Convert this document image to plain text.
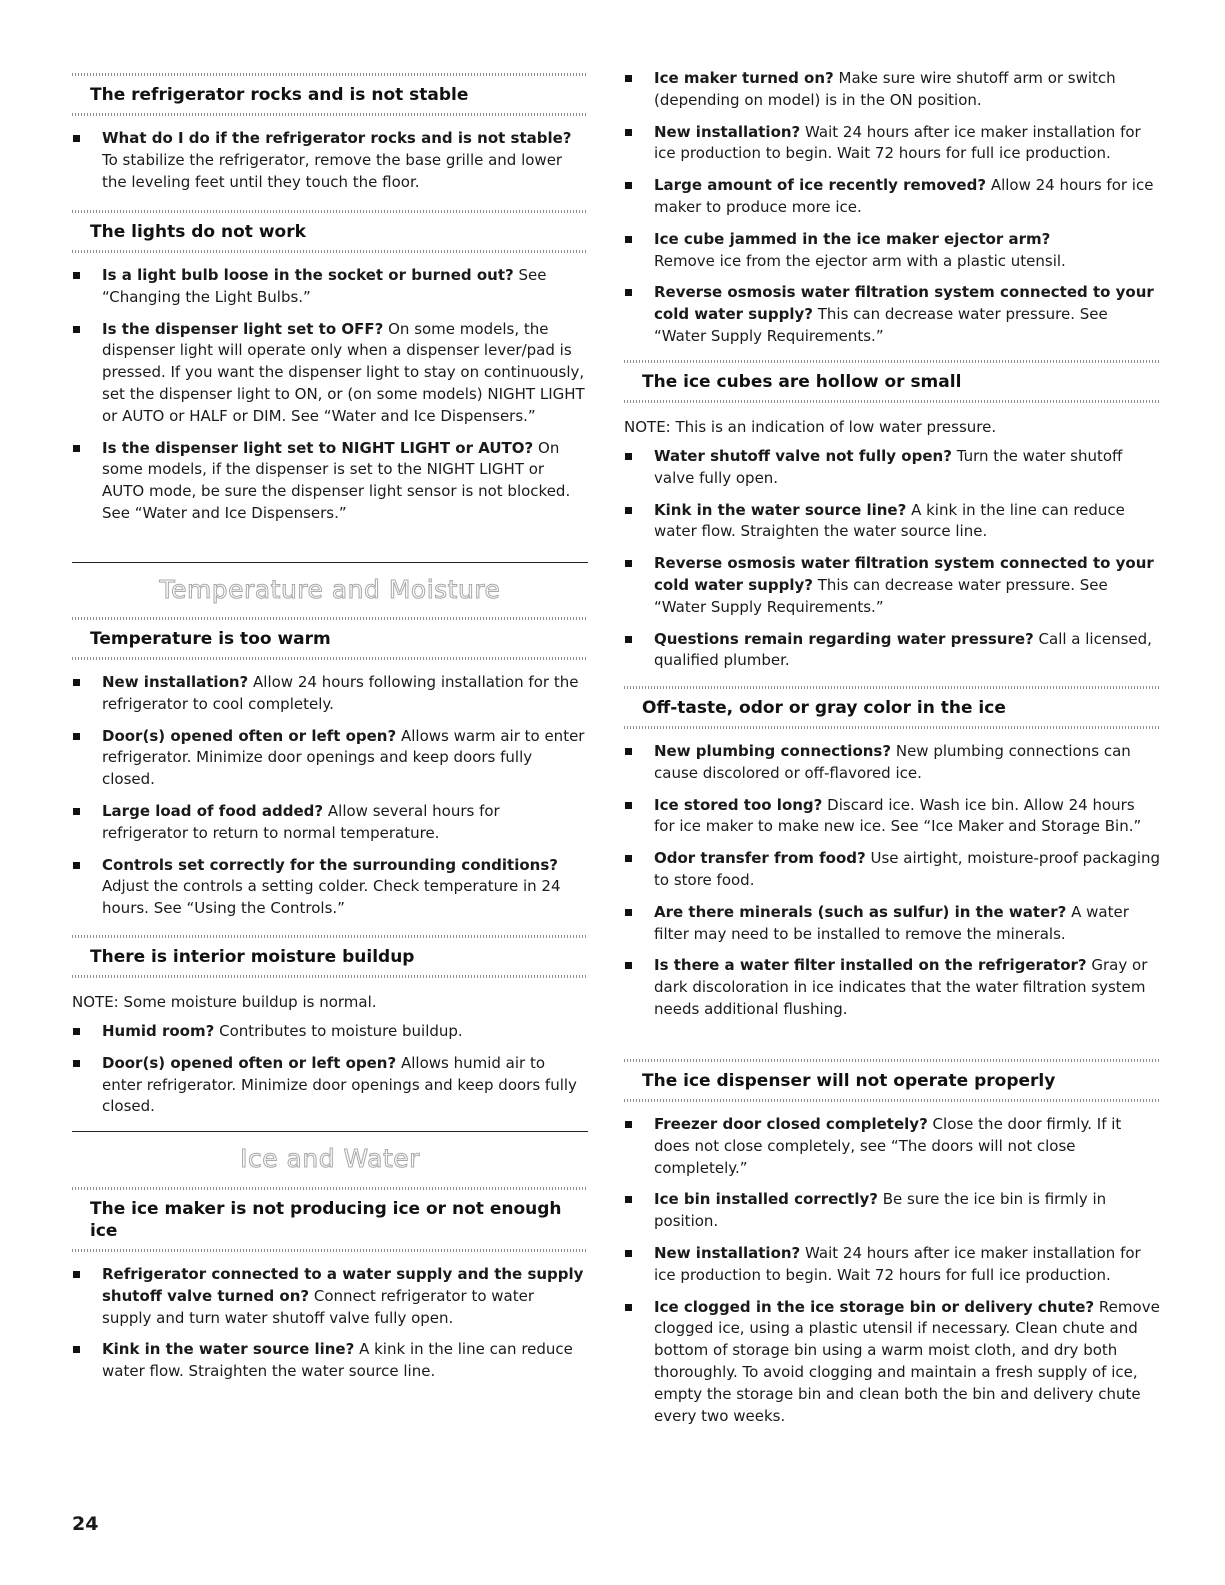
The refrigerator rocks and is not stable
What do I do if the refrigerator rocks and is not stable? To stabilize the refrigerator, remove the base grille and lower the leveling feet until they touch the floor.
The lights do not work
Is a light bulb loose in the socket or burned out? See “Changing the Light Bulbs.”
Is the dispenser light set to OFF? On some models, the dispenser light will operate only when a dispenser lever/pad is pressed. If you want the dispenser light to stay on continuously, set the dispenser light to ON, or (on some models) NIGHT LIGHT or AUTO or HALF or DIM. See “Water and Ice Dispensers.”
Is the dispenser light set to NIGHT LIGHT or AUTO? On some models, if the dispenser is set to the NIGHT LIGHT or AUTO mode, be sure the dispenser light sensor is not blocked. See “Water and Ice Dispensers.”
Temperature and Moisture
Temperature is too warm
New installation? Allow 24 hours following installation for the refrigerator to cool completely.
Door(s) opened often or left open? Allows warm air to enter refrigerator. Minimize door openings and keep doors fully closed.
Large load of food added? Allow several hours for refrigerator to return to normal temperature.
Controls set correctly for the surrounding conditions? Adjust the controls a setting colder. Check temperature in 24 hours. See “Using the Controls.”
There is interior moisture buildup
NOTE: Some moisture buildup is normal.
Humid room? Contributes to moisture buildup.
Door(s) opened often or left open? Allows humid air to enter refrigerator. Minimize door openings and keep doors fully closed.
Ice and Water
The ice maker is not producing ice or not enough ice
Refrigerator connected to a water supply and the supply shutoff valve turned on? Connect refrigerator to water supply and turn water shutoff valve fully open.
Kink in the water source line? A kink in the line can reduce water flow. Straighten the water source line.
Ice maker turned on? Make sure wire shutoff arm or switch (depending on model) is in the ON position.
New installation? Wait 24 hours after ice maker installation for ice production to begin. Wait 72 hours for full ice production.
Large amount of ice recently removed? Allow 24 hours for ice maker to produce more ice.
Ice cube jammed in the ice maker ejector arm?
Remove ice from the ejector arm with a plastic utensil.
Reverse osmosis water filtration system connected to your cold water supply? This can decrease water pressure. See “Water Supply Requirements.”
The ice cubes are hollow or small
NOTE: This is an indication of low water pressure.
Water shutoff valve not fully open? Turn the water shutoff valve fully open.
Kink in the water source line? A kink in the line can reduce water flow. Straighten the water source line.
Reverse osmosis water filtration system connected to your cold water supply? This can decrease water pressure. See “Water Supply Requirements.”
Questions remain regarding water pressure? Call a licensed, qualified plumber.
Off-taste, odor or gray color in the ice
New plumbing connections? New plumbing connections can cause discolored or off-flavored ice.
Ice stored too long? Discard ice. Wash ice bin. Allow 24 hours for ice maker to make new ice. See “Ice Maker and Storage Bin.”
Odor transfer from food? Use airtight, moisture-proof packaging to store food.
Are there minerals (such as sulfur) in the water? A water filter may need to be installed to remove the minerals.
Is there a water filter installed on the refrigerator? Gray or dark discoloration in ice indicates that the water filtration system needs additional flushing.
The ice dispenser will not operate properly
Freezer door closed completely? Close the door firmly. If it does not close completely, see “The doors will not close completely.”
Ice bin installed correctly? Be sure the ice bin is firmly in position.
New installation? Wait 24 hours after ice maker installation for ice production to begin. Wait 72 hours for full ice production.
Ice clogged in the ice storage bin or delivery chute? Remove clogged ice, using a plastic utensil if necessary. Clean chute and bottom of storage bin using a warm moist cloth, and dry both thoroughly. To avoid clogging and maintain a fresh supply of ice, empty the storage bin and clean both the bin and delivery chute every two weeks.
24
